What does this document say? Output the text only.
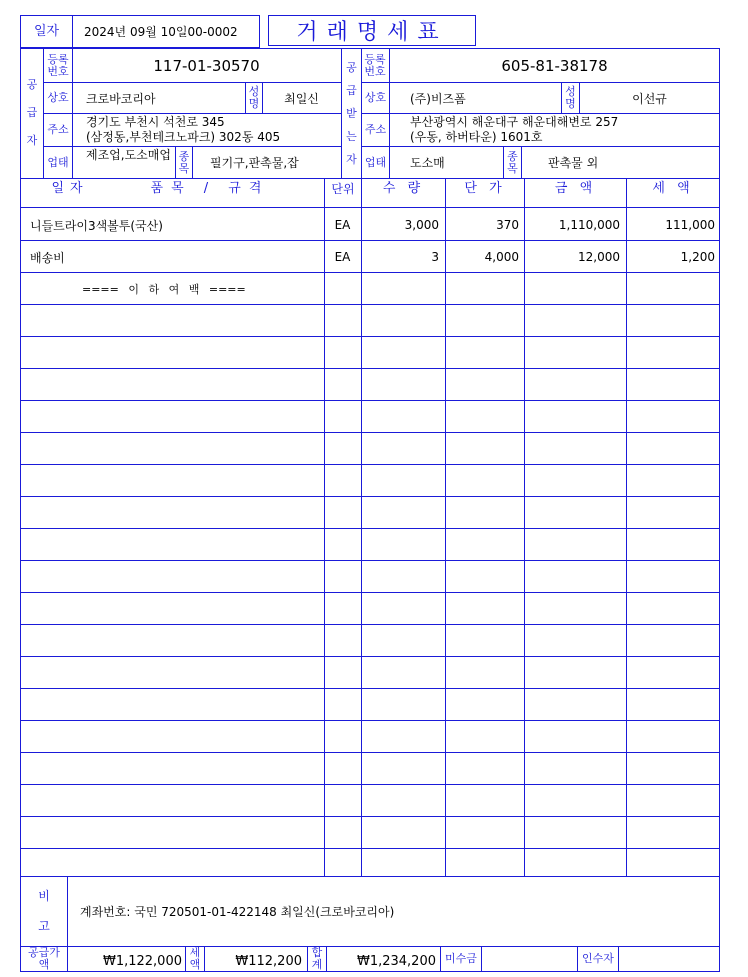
일자	2024년 09월 10일00-0002	거래명세표
공
급
자
등록번호	117-01-30570
상호 크로바코리아	성명	최일신
주소
경기도 부천시 석천로 345
(삼정동,부천테크노파크) 302동 405
업태 제조업,도소매업 종목 필기구,판촉물,잡
공
급
받
는
자
등록번호	605-81-38178
상호 (주)비즈폼	성명	이선규
주소
부산광역시 해운대구 해운대해변로 257
(우동, 하버타운) 1601호
업태 도소매	종목	판촉물 외
일자	품목 / 규격	단위	수 량	단 가	금 액	세 액
니들트라이3색볼투(국산)	EA	3,000	370	1,110,000	111,000
배송비	EA	3	4,000	12,000	1,200
==== 이 하 여 백 ====
비
고
계좌번호: 국민 720501-01-422148 최일신(크로바코리아)
공급가액	₩1,122,000
세액	₩112,200
합계	₩1,234,200 미수금	인수자
